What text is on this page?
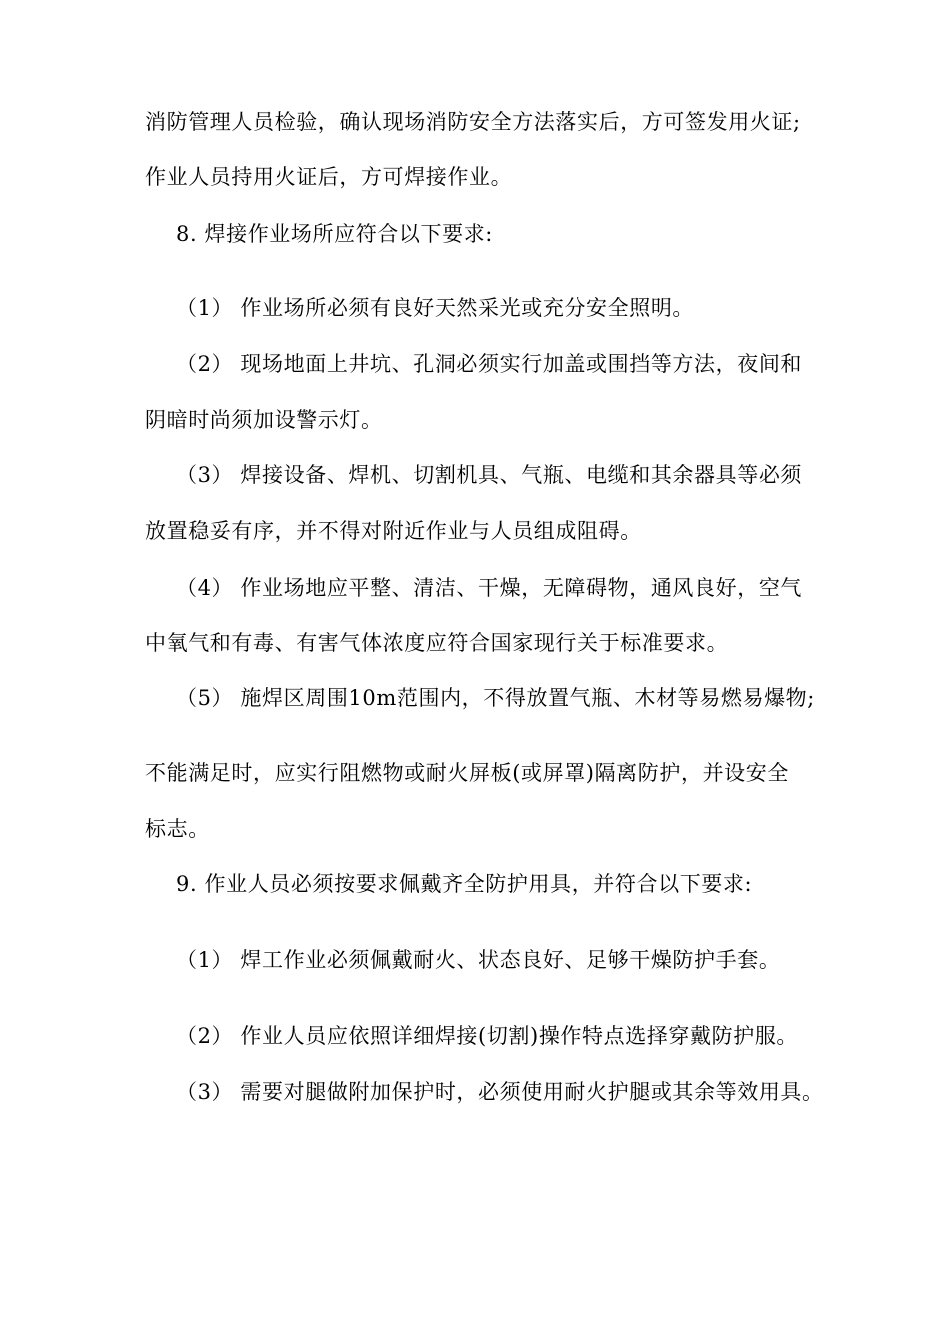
消防管理人员检验，确认现场消防安全方法落实后，方可签发用火证;
作业人员持用火证后，方可焊接作业。
8. 焊接作业场所应符合以下要求:
（1） 作业场所必须有良好天然采光或充分安全照明。
（2） 现场地面上井坑、孔洞必须实行加盖或围挡等方法，夜间和
阴暗时尚须加设警示灯。
（3） 焊接设备、焊机、切割机具、气瓶、电缆和其余器具等必须
放置稳妥有序，并不得对附近作业与人员组成阻碍。
（4） 作业场地应平整、清洁、干燥，无障碍物，通风良好，空气
中氧气和有毒、有害气体浓度应符合国家现行关于标准要求。
（5） 施焊区周围10m范围内，不得放置气瓶、木材等易燃易爆物;
不能满足时，应实行阻燃物或耐火屏板(或屏罩)隔离防护，并设安全
标志。
9. 作业人员必须按要求佩戴齐全防护用具，并符合以下要求:
（1） 焊工作业必须佩戴耐火、状态良好、足够干燥防护手套。
（2） 作业人员应依照详细焊接(切割)操作特点选择穿戴防护服。
（3） 需要对腿做附加保护时，必须使用耐火护腿或其余等效用具。
